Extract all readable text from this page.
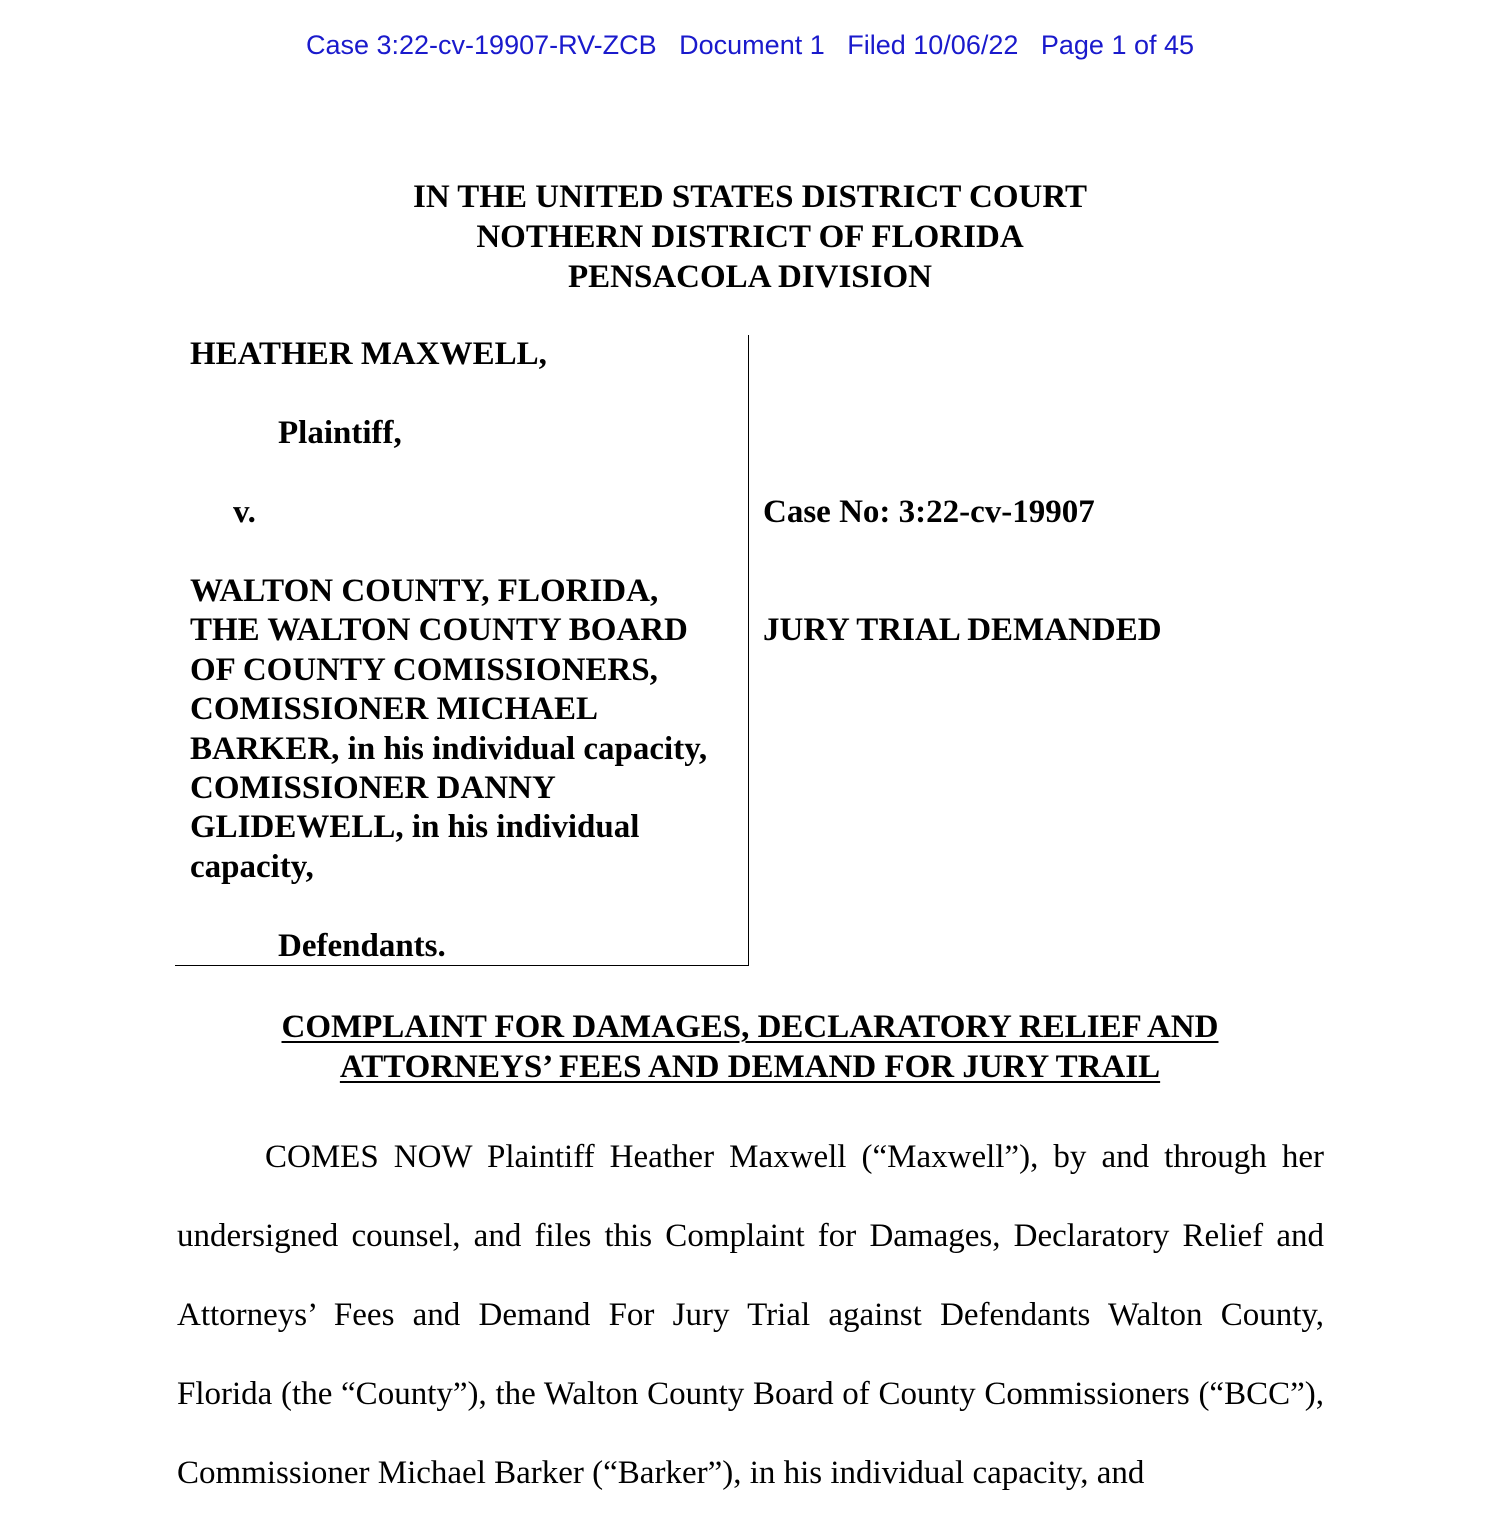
Case 3:22-cv-19907-RV-ZCB Document 1 Filed 10/06/22 Page 1 of 45
IN THE UNITED STATES DISTRICT COURT
NOTHERN DISTRICT OF FLORIDA
PENSACOLA DIVISION
HEATHER MAXWELL,
Plaintiff,
v.
WALTON COUNTY, FLORIDA,
THE WALTON COUNTY BOARD
OF COUNTY COMISSIONERS,
COMISSIONER MICHAEL
BARKER, in his individual capacity,
COMISSIONER DANNY
GLIDEWELL, in his individual
capacity,
Defendants.
Case No: 3:22-cv-19907
JURY TRIAL DEMANDED
COMPLAINT FOR DAMAGES, DECLARATORY RELIEF AND
ATTORNEYS’ FEES AND DEMAND FOR JURY TRAIL

COMES NOW Plaintiff Heather Maxwell (“Maxwell”), by and through her undersigned counsel, and files this Complaint for Damages, Declaratory Relief and Attorneys’ Fees and Demand For Jury Trial against Defendants Walton County, Florida (the “County”), the Walton County Board of County Commissioners (“BCC”), Commissioner Michael Barker (“Barker”), in his individual capacity, and
